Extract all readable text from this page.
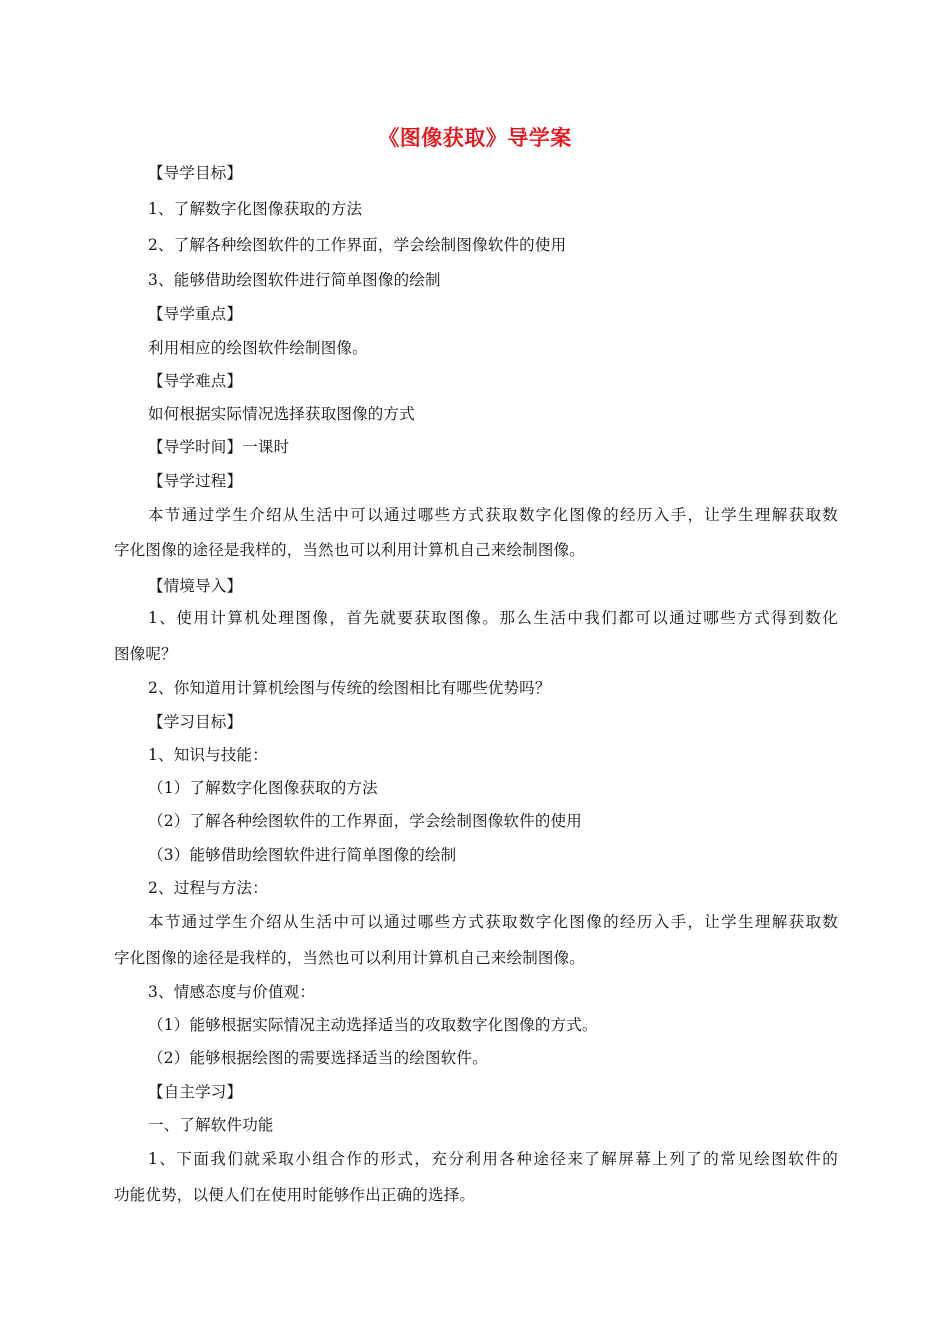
《图像获取》导学案
【导学目标】
1、了解数字化图像获取的方法
2、了解各种绘图软件的工作界面，学会绘制图像软件的使用
3、能够借助绘图软件进行简单图像的绘制
【导学重点】
利用相应的绘图软件绘制图像。
【导学难点】
如何根据实际情况选择获取图像的方式
【导学时间】一课时
【导学过程】
本节通过学生介绍从生活中可以通过哪些方式获取数字化图像的经历入手，让学生理解获取数
字化图像的途径是我样的，当然也可以利用计算机自己来绘制图像。
【情境导入】
1、使用计算机处理图像，首先就要获取图像。那么生活中我们都可以通过哪些方式得到数化
图像呢？
2、你知道用计算机绘图与传统的绘图相比有哪些优势吗？
【学习目标】
1、知识与技能：
（1）了解数字化图像获取的方法
（2）了解各种绘图软件的工作界面，学会绘制图像软件的使用
（3）能够借助绘图软件进行简单图像的绘制
2、过程与方法：
本节通过学生介绍从生活中可以通过哪些方式获取数字化图像的经历入手，让学生理解获取数
字化图像的途径是我样的，当然也可以利用计算机自己来绘制图像。
3、情感态度与价值观：
（1）能够根据实际情况主动选择适当的攻取数字化图像的方式。
（2）能够根据绘图的需要选择适当的绘图软件。
【自主学习】
一、了解软件功能
1、下面我们就采取小组合作的形式，充分利用各种途径来了解屏幕上列了的常见绘图软件的
功能优势，以便人们在使用时能够作出正确的选择。
